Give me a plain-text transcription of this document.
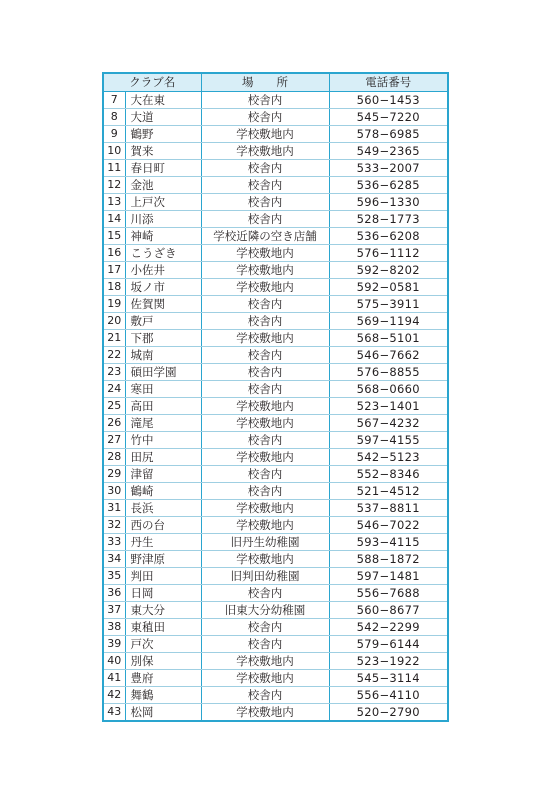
クラブ名		場　　所	電話番号
7	大在東	校舎内	560−1453
8	大道	校舎内	545−7220
9	鶴野	学校敷地内	578−6985
10	賀来	学校敷地内	549−2365
11	春日町	校舎内	533−2007
12	金池	校舎内	536−6285
13	上戸次	校舎内	596−1330
14	川添	校舎内	528−1773
15	神崎	学校近隣の空き店舗	536−6208
16	こうざき	学校敷地内	576−1112
17	小佐井	学校敷地内	592−8202
18	坂ノ市	学校敷地内	592−0581
19	佐賀関	校舎内	575−3911
20	敷戸	校舎内	569−1194
21	下郡	学校敷地内	568−5101
22	城南	校舎内	546−7662
23	碩田学園	校舎内	576−8855
24	寒田	校舎内	568−0660
25	高田	学校敷地内	523−1401
26	滝尾	学校敷地内	567−4232
27	竹中	校舎内	597−4155
28	田尻	学校敷地内	542−5123
29	津留	校舎内	552−8346
30	鶴崎	校舎内	521−4512
31	長浜	学校敷地内	537−8811
32	西の台	学校敷地内	546−7022
33	丹生	旧丹生幼稚園	593−4115
34	野津原	学校敷地内	588−1872
35	判田	旧判田幼稚園	597−1481
36	日岡	校舎内	556−7688
37	東大分	旧東大分幼稚園	560−8677
38	東稙田	校舎内	542−2299
39	戸次	校舎内	579−6144
40	別保	学校敷地内	523−1922
41	豊府	学校敷地内	545−3114
42	舞鶴	校舎内	556−4110
43	松岡	学校敷地内	520−2790
